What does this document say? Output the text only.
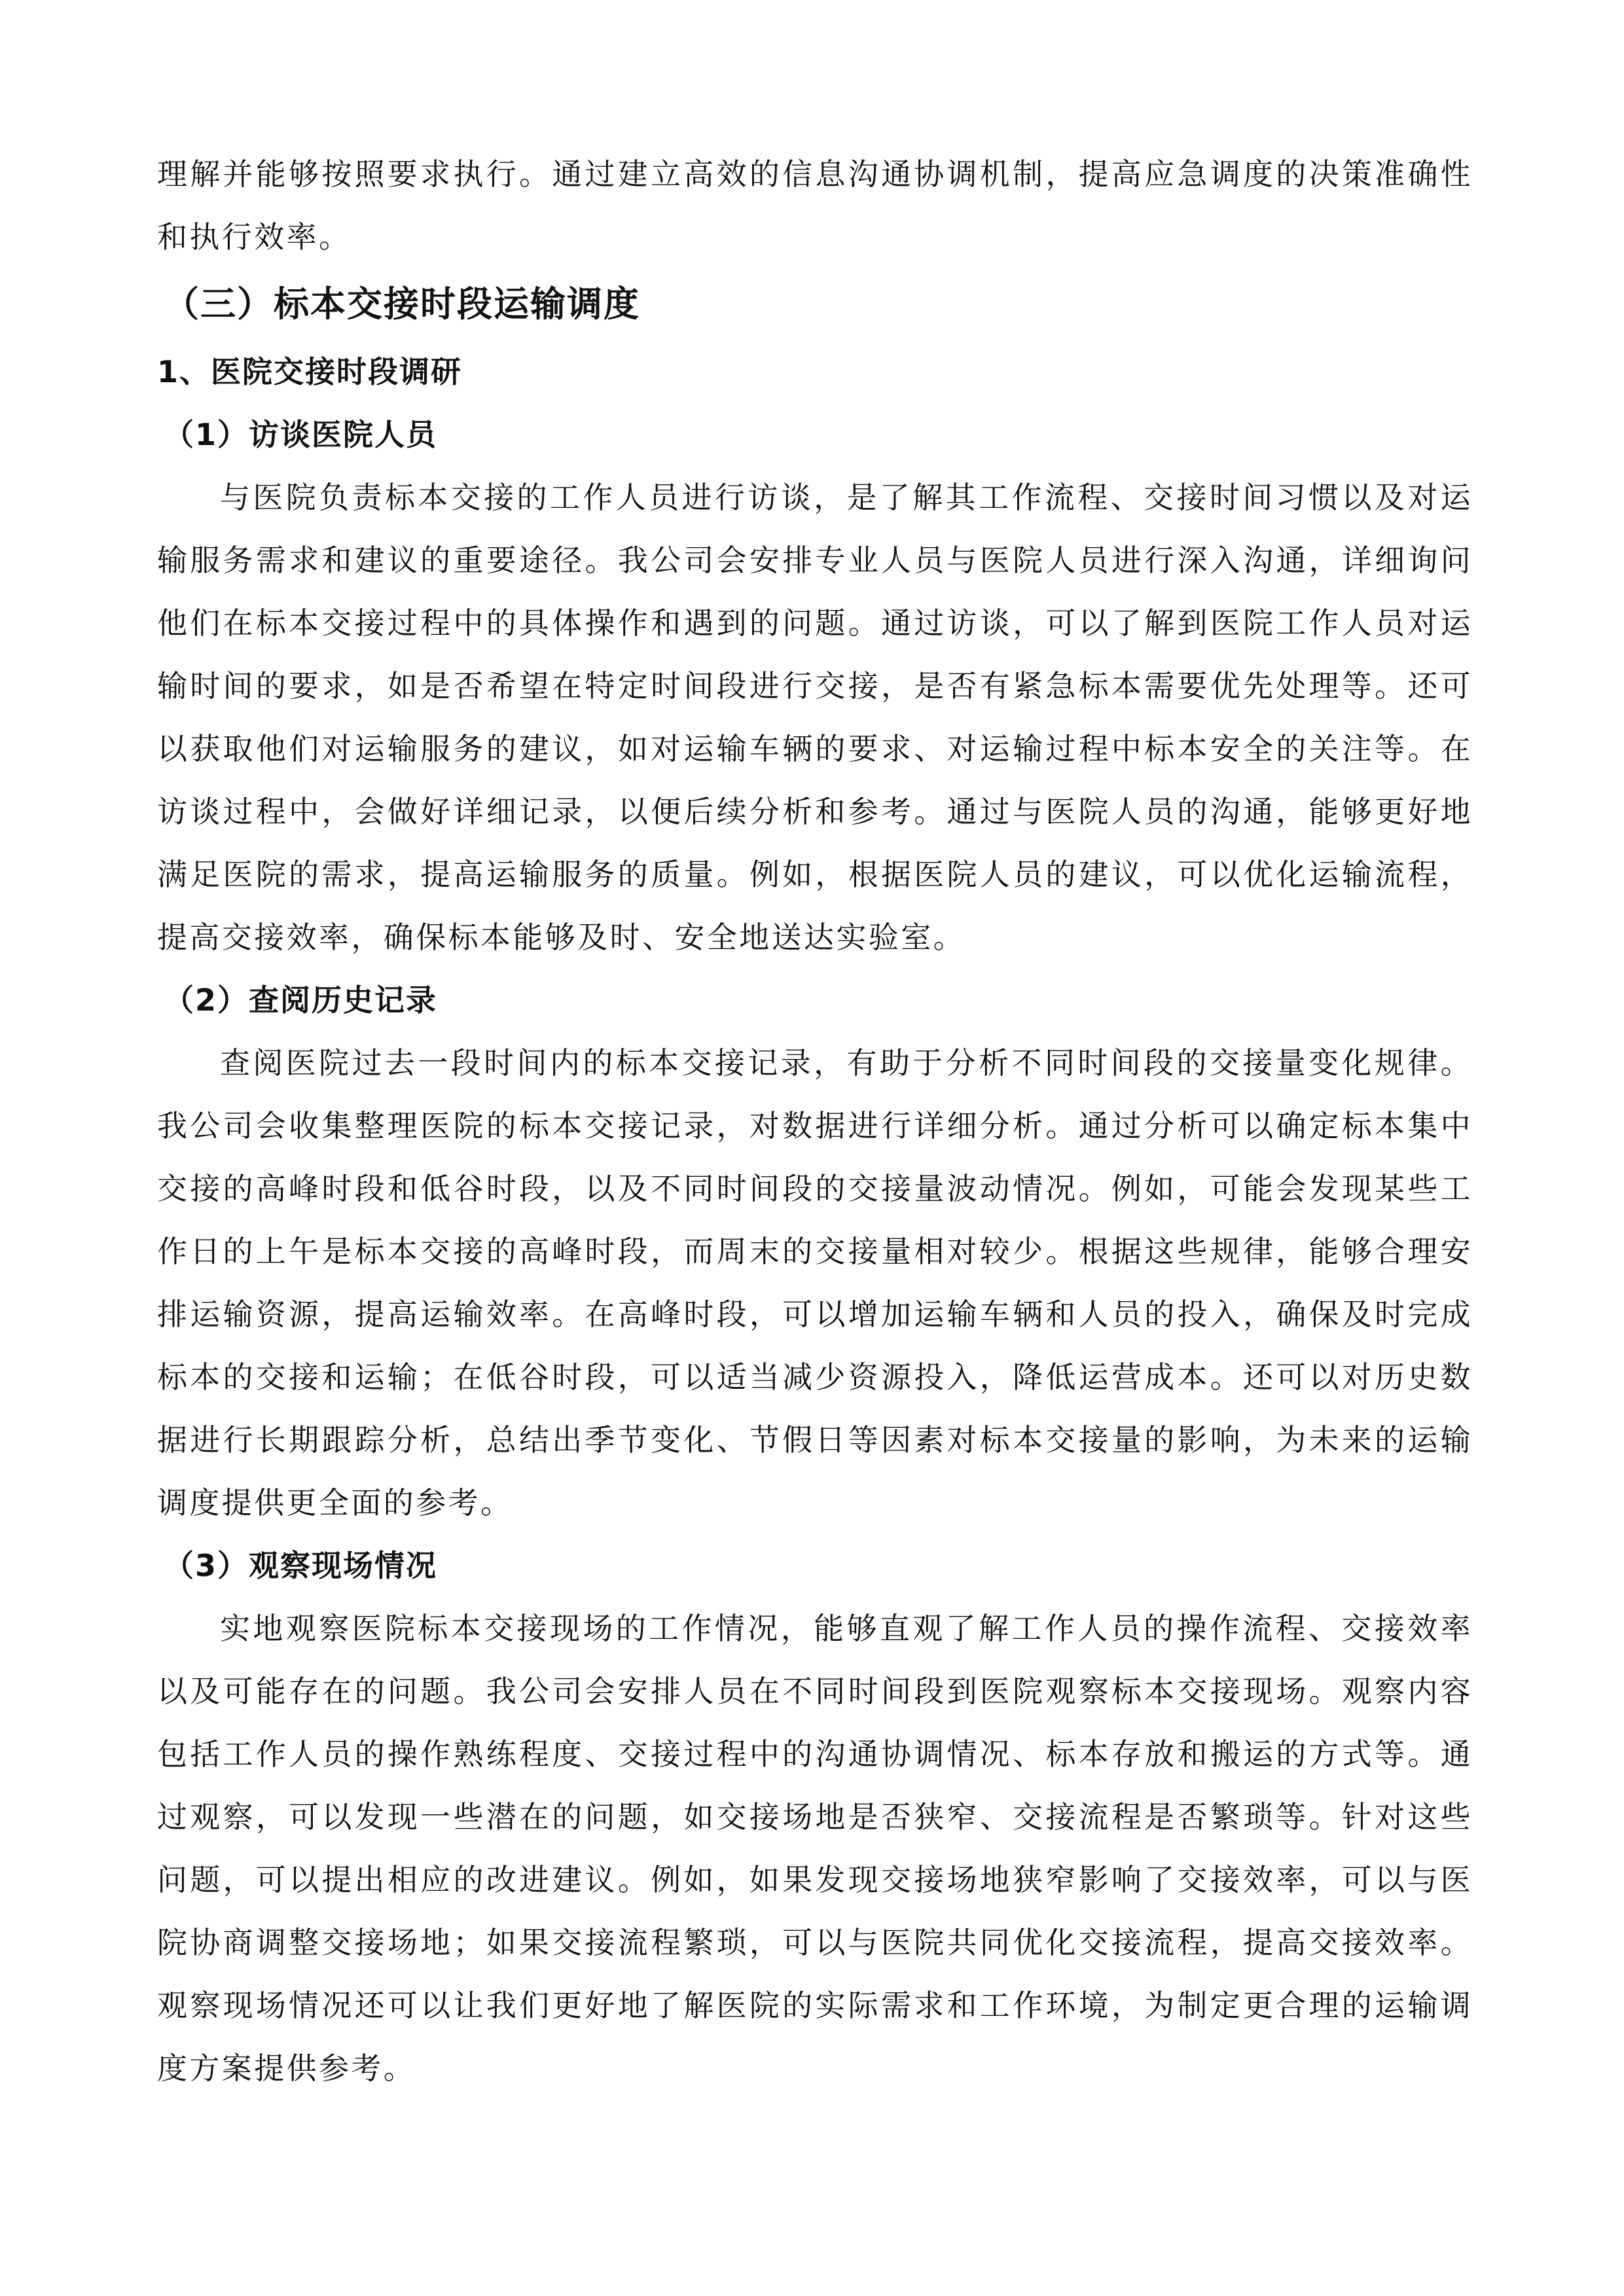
理解并能够按照要求执行。通过建立高效的信息沟通协调机制，提高应急调度的决策准确性和执行效率。

（三）标本交接时段运输调度
1、医院交接时段调研
（1）访谈医院人员

与医院负责标本交接的工作人员进行访谈，是了解其工作流程、交接时间习惯以及对运输服务需求和建议的重要途径。我公司会安排专业人员与医院人员进行深入沟通，详细询问他们在标本交接过程中的具体操作和遇到的问题。通过访谈，可以了解到医院工作人员对运输时间的要求，如是否希望在特定时间段进行交接，是否有紧急标本需要优先处理等。还可以获取他们对运输服务的建议，如对运输车辆的要求、对运输过程中标本安全的关注等。在访谈过程中，会做好详细记录，以便后续分析和参考。通过与医院人员的沟通，能够更好地满足医院的需求，提高运输服务的质量。例如，根据医院人员的建议，可以优化运输流程，提高交接效率，确保标本能够及时、安全地送达实验室。

（2）查阅历史记录

查阅医院过去一段时间内的标本交接记录，有助于分析不同时间段的交接量变化规律。我公司会收集整理医院的标本交接记录，对数据进行详细分析。通过分析可以确定标本集中交接的高峰时段和低谷时段，以及不同时间段的交接量波动情况。例如，可能会发现某些工作日的上午是标本交接的高峰时段，而周末的交接量相对较少。根据这些规律，能够合理安排运输资源，提高运输效率。在高峰时段，可以增加运输车辆和人员的投入，确保及时完成标本的交接和运输；在低谷时段，可以适当减少资源投入，降低运营成本。还可以对历史数据进行长期跟踪分析，总结出季节变化、节假日等因素对标本交接量的影响，为未来的运输调度提供更全面的参考。

（3）观察现场情况

实地观察医院标本交接现场的工作情况，能够直观了解工作人员的操作流程、交接效率以及可能存在的问题。我公司会安排人员在不同时间段到医院观察标本交接现场。观察内容包括工作人员的操作熟练程度、交接过程中的沟通协调情况、标本存放和搬运的方式等。通过观察，可以发现一些潜在的问题，如交接场地是否狭窄、交接流程是否繁琐等。针对这些问题，可以提出相应的改进建议。例如，如果发现交接场地狭窄影响了交接效率，可以与医院协商调整交接场地；如果交接流程繁琐，可以与医院共同优化交接流程，提高交接效率。观察现场情况还可以让我们更好地了解医院的实际需求和工作环境，为制定更合理的运输调度方案提供参考。
